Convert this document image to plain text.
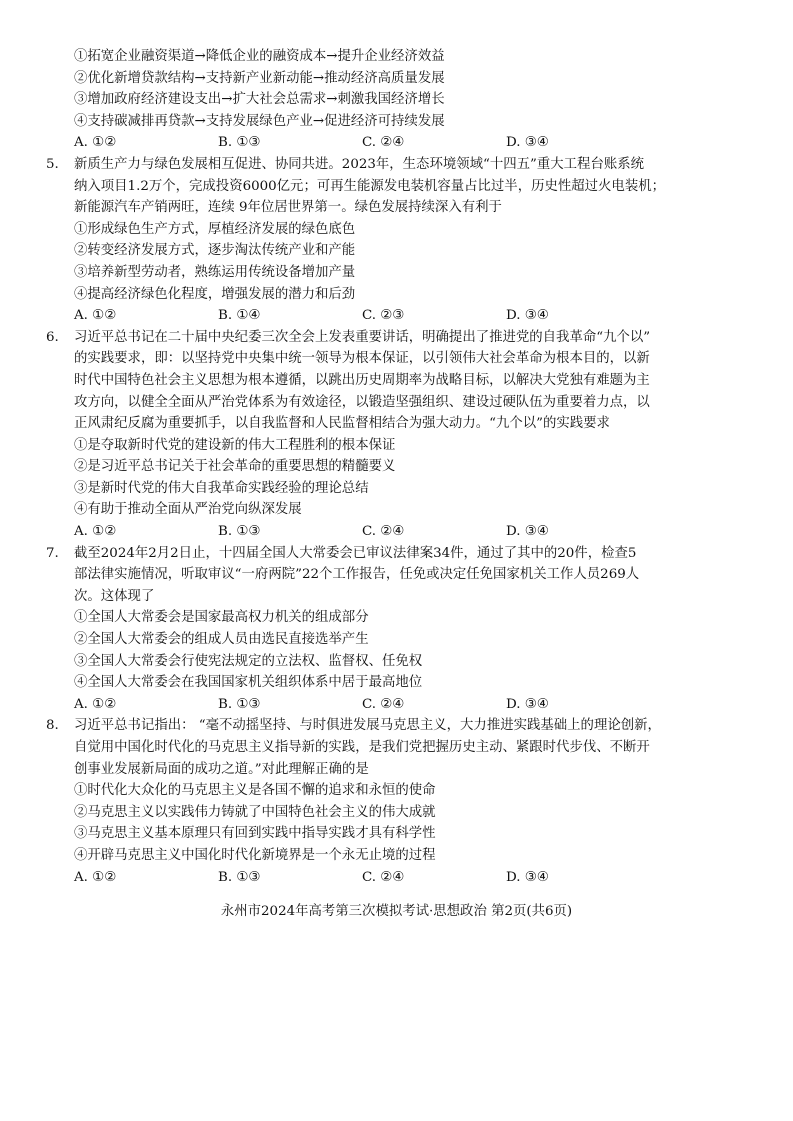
①拓宽企业融资渠道→降低企业的融资成本→提升企业经济效益
②优化新增贷款结构→支持新产业新动能→推动经济高质量发展
③增加政府经济建设支出→扩大社会总需求→刺激我国经济增长
④支持碳减排再贷款→支持发展绿色产业→促进经济可持续发展
A. ①②	B. ①③	C. ②④	D. ③④
5.	新质生产力与绿色发展相互促进、协同共进。2023年，生态环境领域“十四五”重大工程台账系统
纳入项目1.2万个，完成投资6000亿元；可再生能源发电装机容量占比过半，历史性超过火电装机；
新能源汽车产销两旺，连续 9年位居世界第一。绿色发展持续深入有利于
①形成绿色生产方式，厚植经济发展的绿色底色
②转变经济发展方式，逐步淘汰传统产业和产能
③培养新型劳动者，熟练运用传统设备增加产量
④提高经济绿色化程度，增强发展的潜力和后劲
A. ①②	B. ①④	C. ②③	D. ③④
6.	习近平总书记在二十届中央纪委三次全会上发表重要讲话，明确提出了推进党的自我革命“九个以”
的实践要求，即：以坚持党中央集中统一领导为根本保证，以引领伟大社会革命为根本目的，以新
时代中国特色社会主义思想为根本遵循，以跳出历史周期率为战略目标，以解决大党独有难题为主
攻方向，以健全全面从严治党体系为有效途径，以锻造坚强组织、建设过硬队伍为重要着力点，以
正风肃纪反腐为重要抓手，以自我监督和人民监督相结合为强大动力。“九个以”的实践要求
①是夺取新时代党的建设新的伟大工程胜利的根本保证
②是习近平总书记关于社会革命的重要思想的精髓要义
③是新时代党的伟大自我革命实践经验的理论总结
④有助于推动全面从严治党向纵深发展
A. ①②	B. ①③	C. ②④	D. ③④
7.	截至2024年2月2日止，十四届全国人大常委会已审议法律案34件，通过了其中的20件，检查5
部法律实施情况，听取审议“一府两院”22个工作报告，任免或决定任免国家机关工作人员269人
次。这体现了
①全国人大常委会是国家最高权力机关的组成部分
②全国人大常委会的组成人员由选民直接选举产生
③全国人大常委会行使宪法规定的立法权、监督权、任免权
④全国人大常委会在我国国家机关组织体系中居于最高地位
A. ①②	B. ①③	C. ②④	D. ③④
8.	习近平总书记指出： “毫不动摇坚持、与时俱进发展马克思主义，大力推进实践基础上的理论创新，
自觉用中国化时代化的马克思主义指导新的实践，是我们党把握历史主动、紧跟时代步伐、不断开
创事业发展新局面的成功之道。”对此理解正确的是
①时代化大众化的马克思主义是各国不懈的追求和永恒的使命
②马克思主义以实践伟力铸就了中国特色社会主义的伟大成就
③马克思主义基本原理只有回到实践中指导实践才具有科学性
④开辟马克思主义中国化时代化新境界是一个永无止境的过程
A. ①②	B. ①③	C. ②④	D. ③④
永州市2024年高考第三次模拟考试·思想政治 第2页(共6页)
